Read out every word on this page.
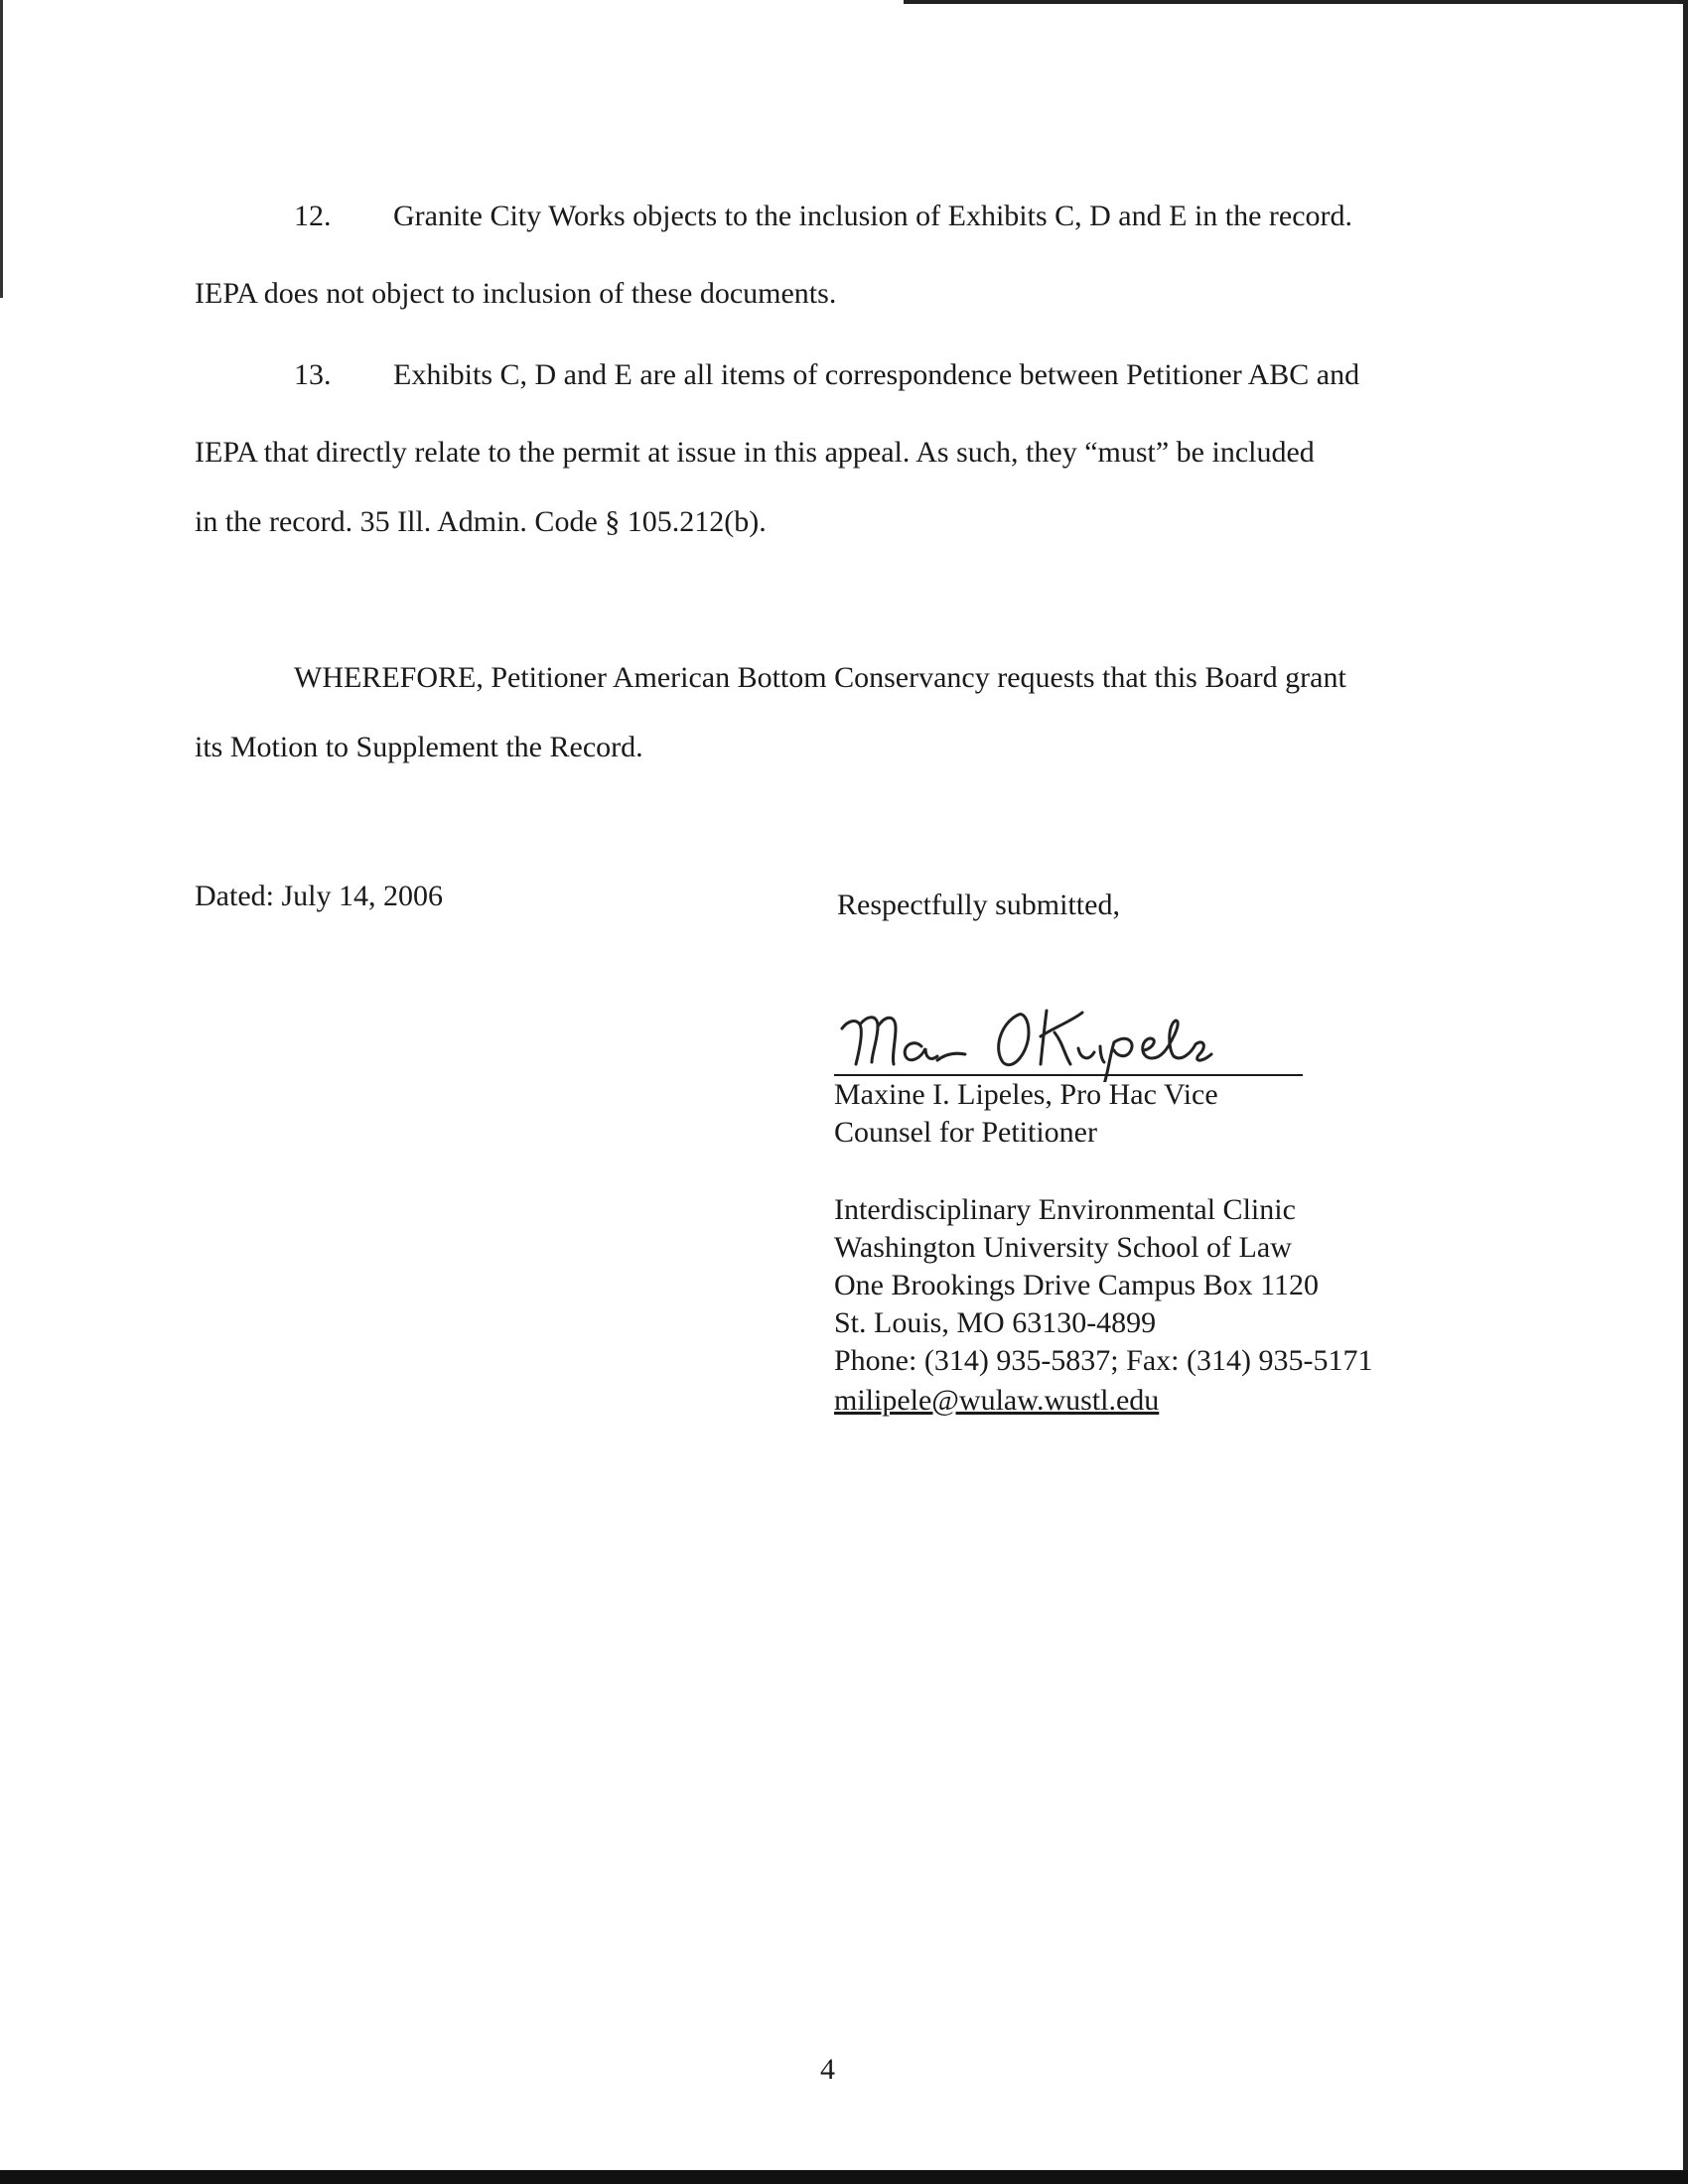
12. Granite City Works objects to the inclusion of Exhibits C, D and E in the record.
IEPA does not object to inclusion of these documents.
13. Exhibits C, D and E are all items of correspondence between Petitioner ABC and
IEPA that directly relate to the permit at issue in this appeal. As such, they “must” be included
in the record. 35 Ill. Admin. Code § 105.212(b).
WHEREFORE, Petitioner American Bottom Conservancy requests that this Board grant
its Motion to Supplement the Record.
Dated: July 14, 2006	Respectfully submitted,
Maxine I. Lipeles, Pro Hac Vice
Counsel for Petitioner
Interdisciplinary Environmental Clinic
Washington University School of Law
One Brookings Drive Campus Box 1120
St. Louis, MO 63130-4899
Phone: (314) 935-5837; Fax: (314) 935-5171
milipele@wulaw.wustl.edu
4
